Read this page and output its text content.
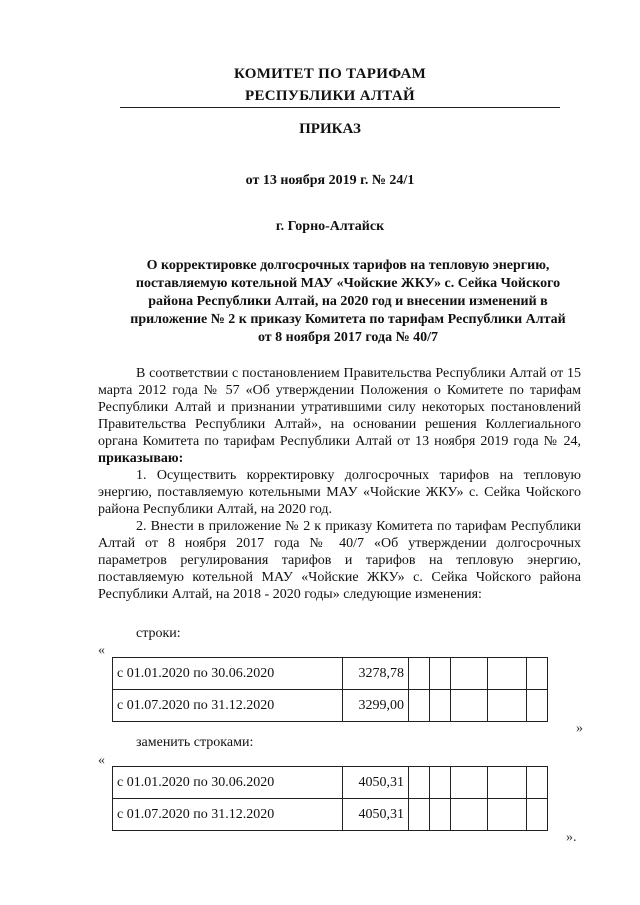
КОМИТЕТ ПО ТАРИФАМ
РЕСПУБЛИКИ АЛТАЙ
ПРИКАЗ
от 13 ноября 2019 г. № 24/1
г. Горно-Алтайск
О корректировке долгосрочных тарифов на тепловую энергию,
поставляемую котельной МАУ «Чойские ЖКУ» с. Сейка Чойского
района Республики Алтай, на 2020 год и внесении изменений в
приложение № 2 к приказу Комитета по тарифам Республики Алтай
от 8 ноября 2017 года № 40/7

В соответствии с постановлением Правительства Республики Алтай от 15 марта 2012 года № 57 «Об утверждении Положения о Комитете по тарифам Республики Алтай и признании утратившими силу некоторых постановлений Правительства Республики Алтай», на основании решения Коллегиального органа Комитета по тарифам Республики Алтай от 13 ноября 2019 года № 24, приказываю:

1. Осуществить корректировку долгосрочных тарифов на тепловую энергию, поставляемую котельными МАУ «Чойские ЖКУ» с. Сейка Чойского района Республики Алтай, на 2020 год.

2. Внести в приложение № 2 к приказу Комитета по тарифам Республики Алтай от 8 ноября 2017 года № 40/7 «Об утверждении долгосрочных параметров регулирования тарифов и тарифов на тепловую энергию, поставляемую котельной МАУ «Чойские ЖКУ» с. Сейка Чойского района Республики Алтай, на 2018 - 2020 годы» следующие изменения:

строки:
«
с 01.01.2020 по 30.06.2020	3278,78					
с 01.07.2020 по 31.12.2020	3299,00					
»
заменить строками:
«
с 01.01.2020 по 30.06.2020	4050,31					
с 01.07.2020 по 31.12.2020	4050,31					
».
